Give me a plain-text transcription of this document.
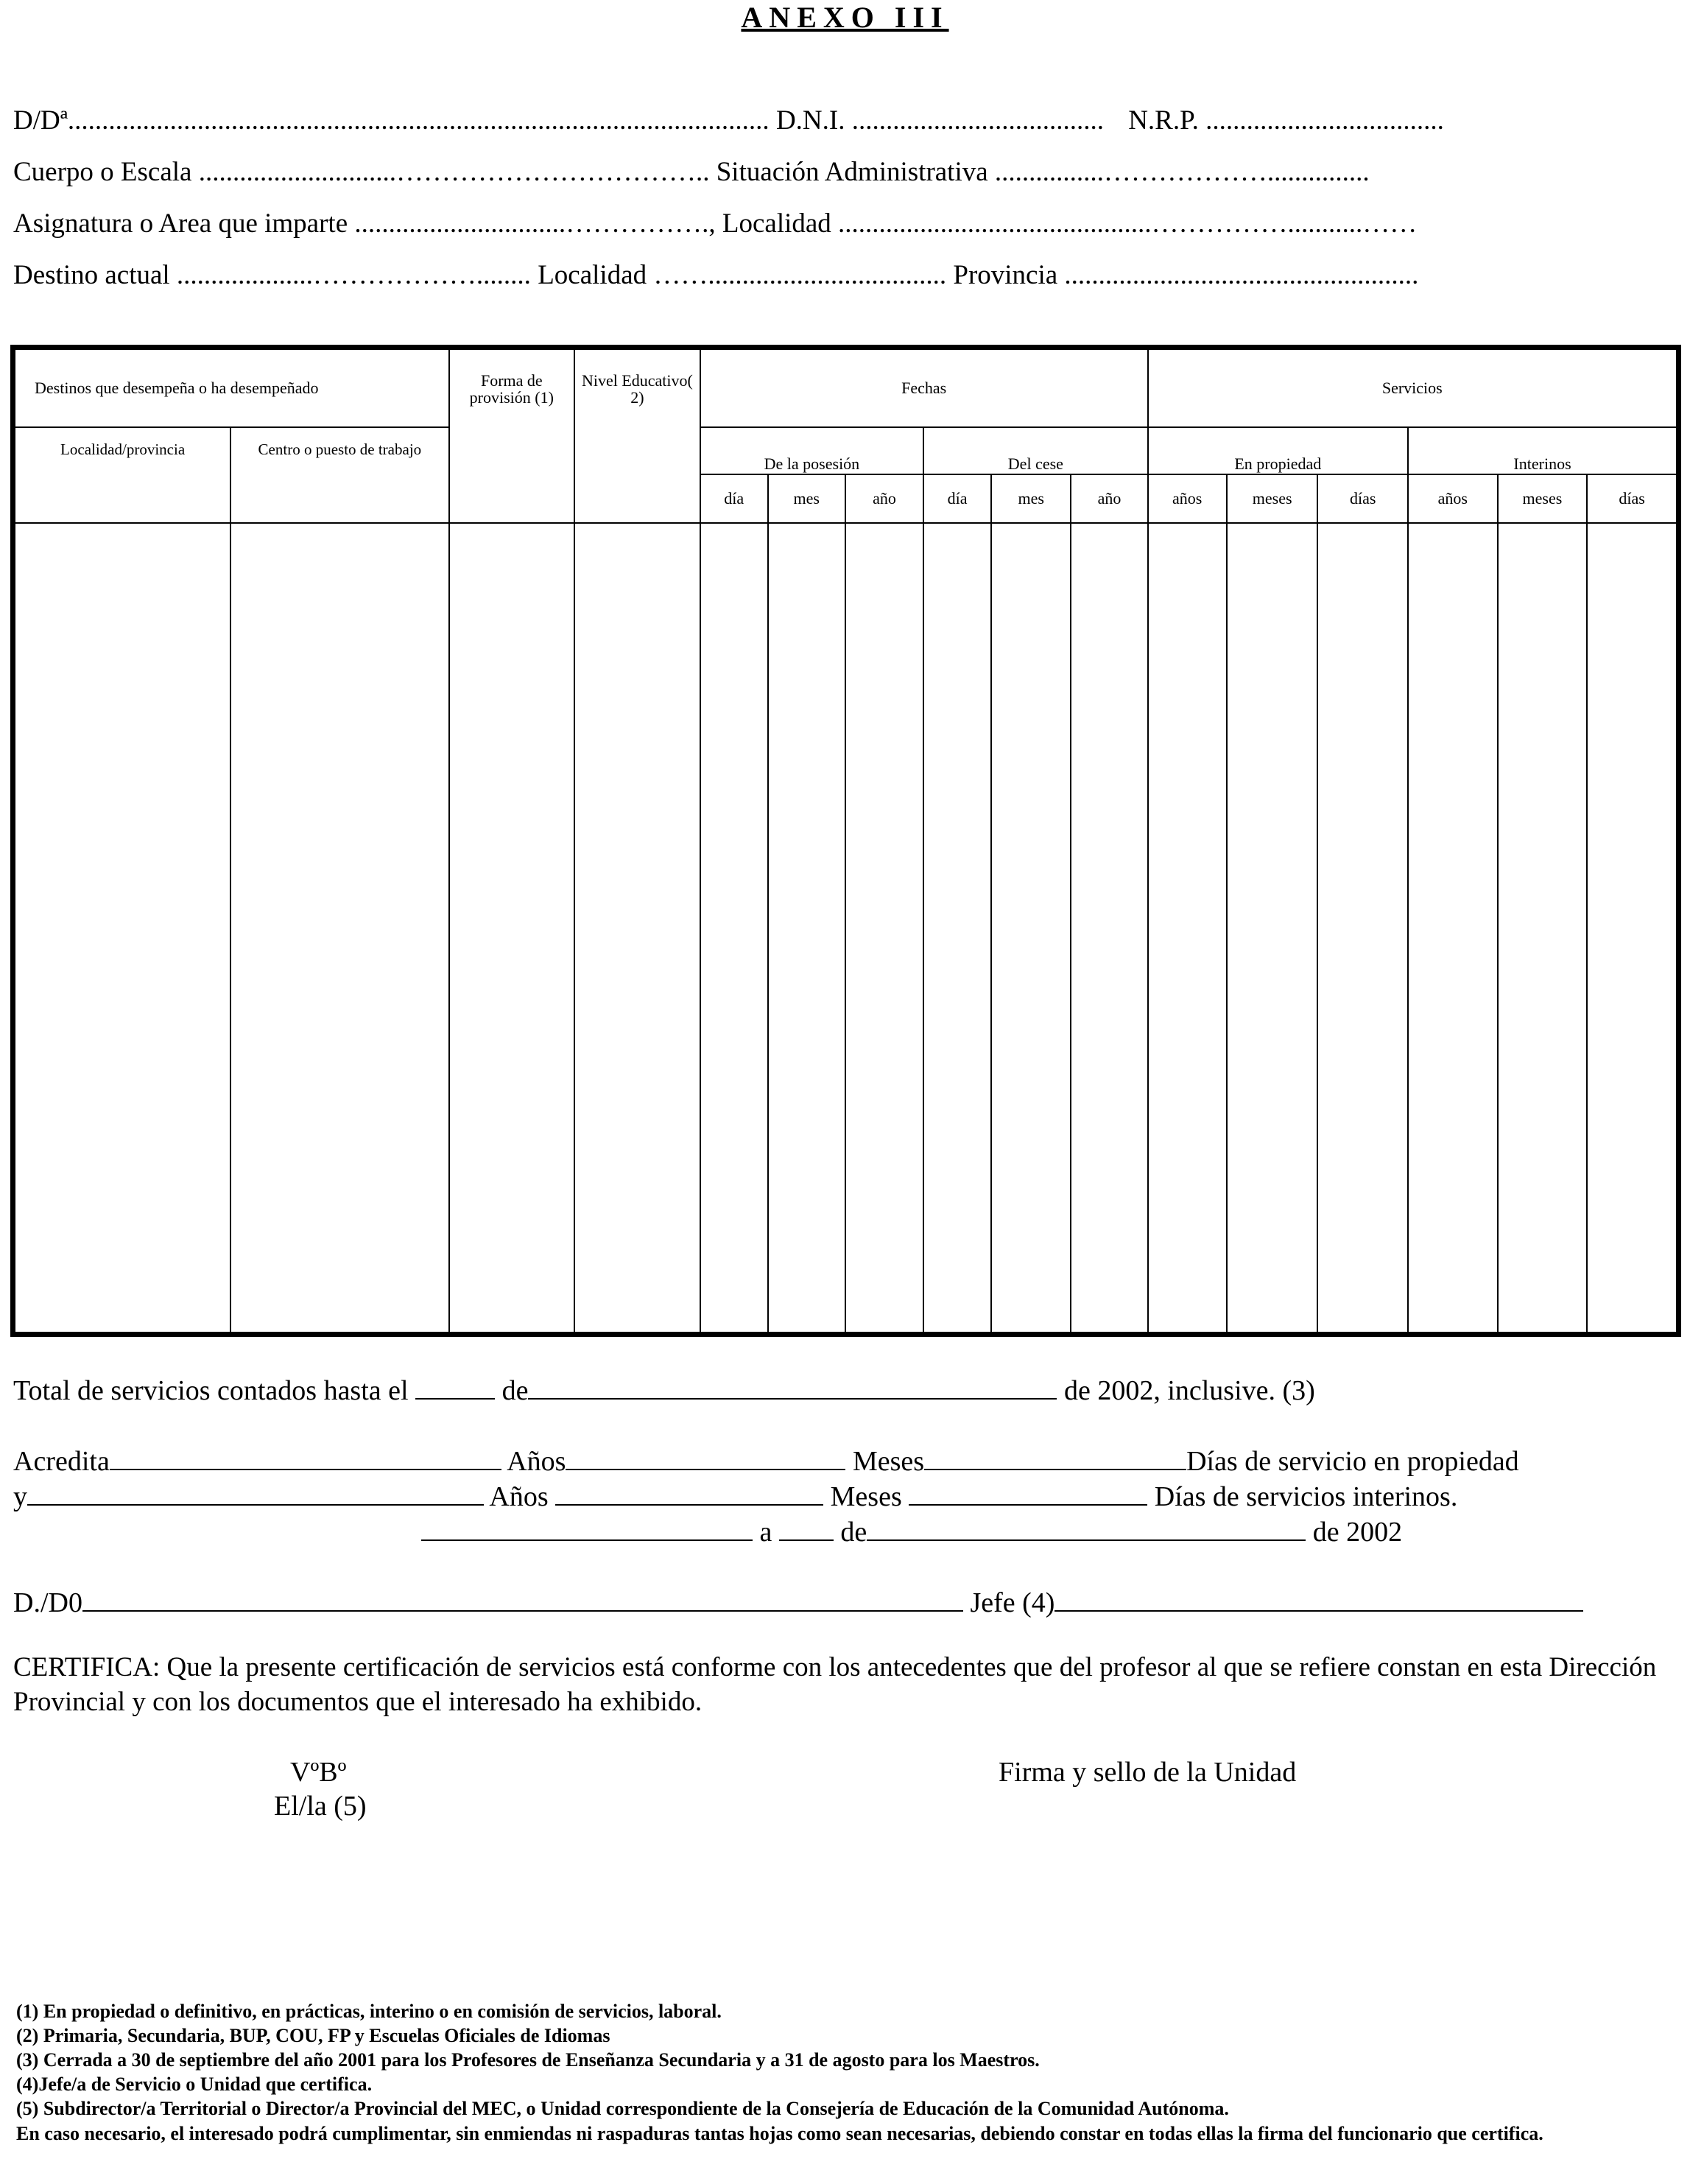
ANEXO III
D/Dª....................................................................................................... D.N.I. ..................................... N.R.P. ...................................
Cuerpo o Escala .............................…………………………….. Situación Administrativa ................………………...............
Asignatura o Area que imparte ...............................……………., Localidad ..............................................……………...........……
Destino actual ....................………………........ Localidad ……................................... Provincia ....................................................
Destinos que desempeña o ha desempeñado		Forma de provisión (1)	Nivel Educativo( 2)	Fechas						Servicios					
Localidad/provincia	Centro o puesto de trabajo			De la posesión			Del cese			En propiedad			Interinos		
				día	mes	año	día	mes	año	años	meses	días	años	meses	días

Total de servicios contados hasta el	de	de 2002, inclusive. (3)
Acredita	Años	Meses	Días de servicio en propiedad
y	Años	Meses	Días de servicios interinos.
a de	de 2002
D./D0	Jefe (4)
CERTIFICA: Que la presente certificación de servicios está conforme con los antecedentes que del profesor al que se refiere constan en esta Dirección Provincial y con los documentos que el interesado ha exhibido.
VºBº
El/la (5)
Firma y sello de la Unidad
(1) En propiedad o definitivo, en prácticas, interino o en comisión de servicios, laboral.
(2) Primaria, Secundaria, BUP, COU, FP y Escuelas Oficiales de Idiomas
(3) Cerrada a 30 de septiembre del año 2001 para los Profesores de Enseñanza Secundaria y a 31 de agosto para los Maestros.
(4)Jefe/a de Servicio o Unidad que certifica.
(5) Subdirector/a Territorial o Director/a Provincial del MEC, o Unidad correspondiente de la Consejería de Educación de la Comunidad Autónoma.
En caso necesario, el interesado podrá cumplimentar, sin enmiendas ni raspaduras tantas hojas como sean necesarias, debiendo constar en todas ellas la firma del funcionario que certifica.
